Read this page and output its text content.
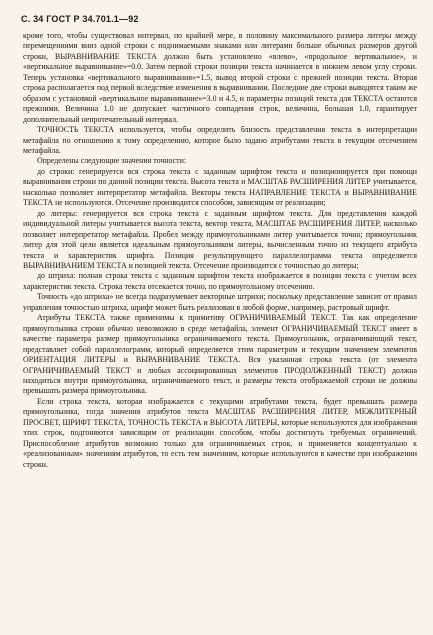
С. 34 ГОСТ Р 34.701.1—92

кроме того, чтобы существовал интервал, по крайней мере, в половину максимального размера литеры между перемещениями вниз одной строки с поднимаемыми знаками или литерами больше обычных размеров другой строки, ВЫРАВНИВАНИЕ ТЕКСТА должно быть установлено «влево», «продольное вертикальное», и «вертикальное выравнивание»=0.0. Затем первой строки позиции текста начинается в нижнем левом углу строки. Теперь установка «вертикального выравнивания»=1.5, вывод второй строки с прежней позиции текста. Вторая строка располагается под первой вследствие изменения в выравнивании. Последние две строки выводятся таким же образом с установкой «вертикальное выравнивание»=3.0 и 4.5, и параметры позиций текста для ТЕКСТА остаются прежними. Величина 1.0 не допускает частичного совпадения строк, величина, большая 1.0, гарантирует дополнительный непротечательный интервал.

ТОЧНОСТЬ ТЕКСТА используется, чтобы определить близость представления текста в интерпретации метафайла по отношению к тому определению, которое было задано атрибутами текста в текущим отсечением метафайла.

Определены следующие значения точности:

до строки: генерируется вся строка текста с заданным шрифтом текста и позиционируется при помощи выравнивания строки по данной позиции текста. Высота текста и МАСШТАБ РАСШИРЕНИЯ ЛИТЕР учитывается, насколько позволяет интерпретатор метафайла. Векторы текста НАПРАВЛЕНИЕ ТЕКСТА и ВЫРАВНИВАНИЕ ТЕКСТА не используются. Отсечение производится способом, зависящим от реализации;

до литеры: генерируется вся строка текста с заданным шрифтом текста. Для представления каждой индивидуальной литеры учитывается высота текста, вектор текста, МАСШТАБ РАСШИРЕНИЯ ЛИТЕР, насколько позволяет интерпретатор метафайла. Пробел между прямоугольниками литер учитывается точно; прямоугольник литер для этой цели является идеальным прямоугольником литеры, вычисленным точно из текущего атрибута текста и характеристик шрифта. Позиция результирующего параллелограмма текста определяется ВЫРАВНИВАНИЕМ ТЕКСТА и позицией текста. Отсечение производится с точностью до литеры;

до штриха: полная строка текста с заданным шрифтом текста изображается в позиции текста с учетом всех характеристик текста. Строка текста отсекается точно, по прямоугольному отсечению.

Точность «до штриха» не всегда подразумевает векторные штрихи; поскольку представление зависит от правил управления точностью штриха, шрифт может быть реализован в любой форме, например, растровый шрифт.

Атрибуты ТЕКСТА также применимы к примитиву ОГРАНИЧИВАЕМЫЙ ТЕКСТ. Так как определение прямоугольника строки обычно невозможно в среде метафайла, элемент ОГРАНИЧИВАЕМЫЙ ТЕКСТ имеет в качестве параметра размер прямоугольника ограничиваемого текста. Прямоугольник, ограничивающий текст, представляет собой параллелограмм, который определяется этим параметром и текущим значением элементов ОРИЕНТАЦИЯ ЛИТЕРЫ и ВЫРАВНИВАНИЕ ТЕКСТА. Вся указанная строка текста (от элемента ОГРАНИЧИВАЕМЫЙ ТЕКСТ и любых ассоциированных элементов ПРОДОЛЖЕННЫЙ ТЕКСТ) должна находиться внутри прямоугольника, ограничиваемого текст, и размеры текста отображаемой строки не должны превышать размера прямоугольника.

Если строка текста, которая изображается с текущими атрибутами текста, будет превышать размера прямоугольника, тогда значения атрибутов текста МАСШТАБ РАСШИРЕНИЯ ЛИТЕР, МЕЖЛИТЕРНЫЙ ПРОСВЕТ, ШРИФТ ТЕКСТА, ТОЧНОСТЬ ТЕКСТА и ВЫСОТА ЛИТЕРЫ, которые используются для изображения этих строк, подгоняются зависящим от реализации способом, чтобы достигнуть требуемых ограничений. Приспособление атрибутов возможно только для ограничиваемых строк, и применяется концептуально к «реализованным» значениям атрибутов, то есть тем значениям, которые используются в качестве при изображении строки.
